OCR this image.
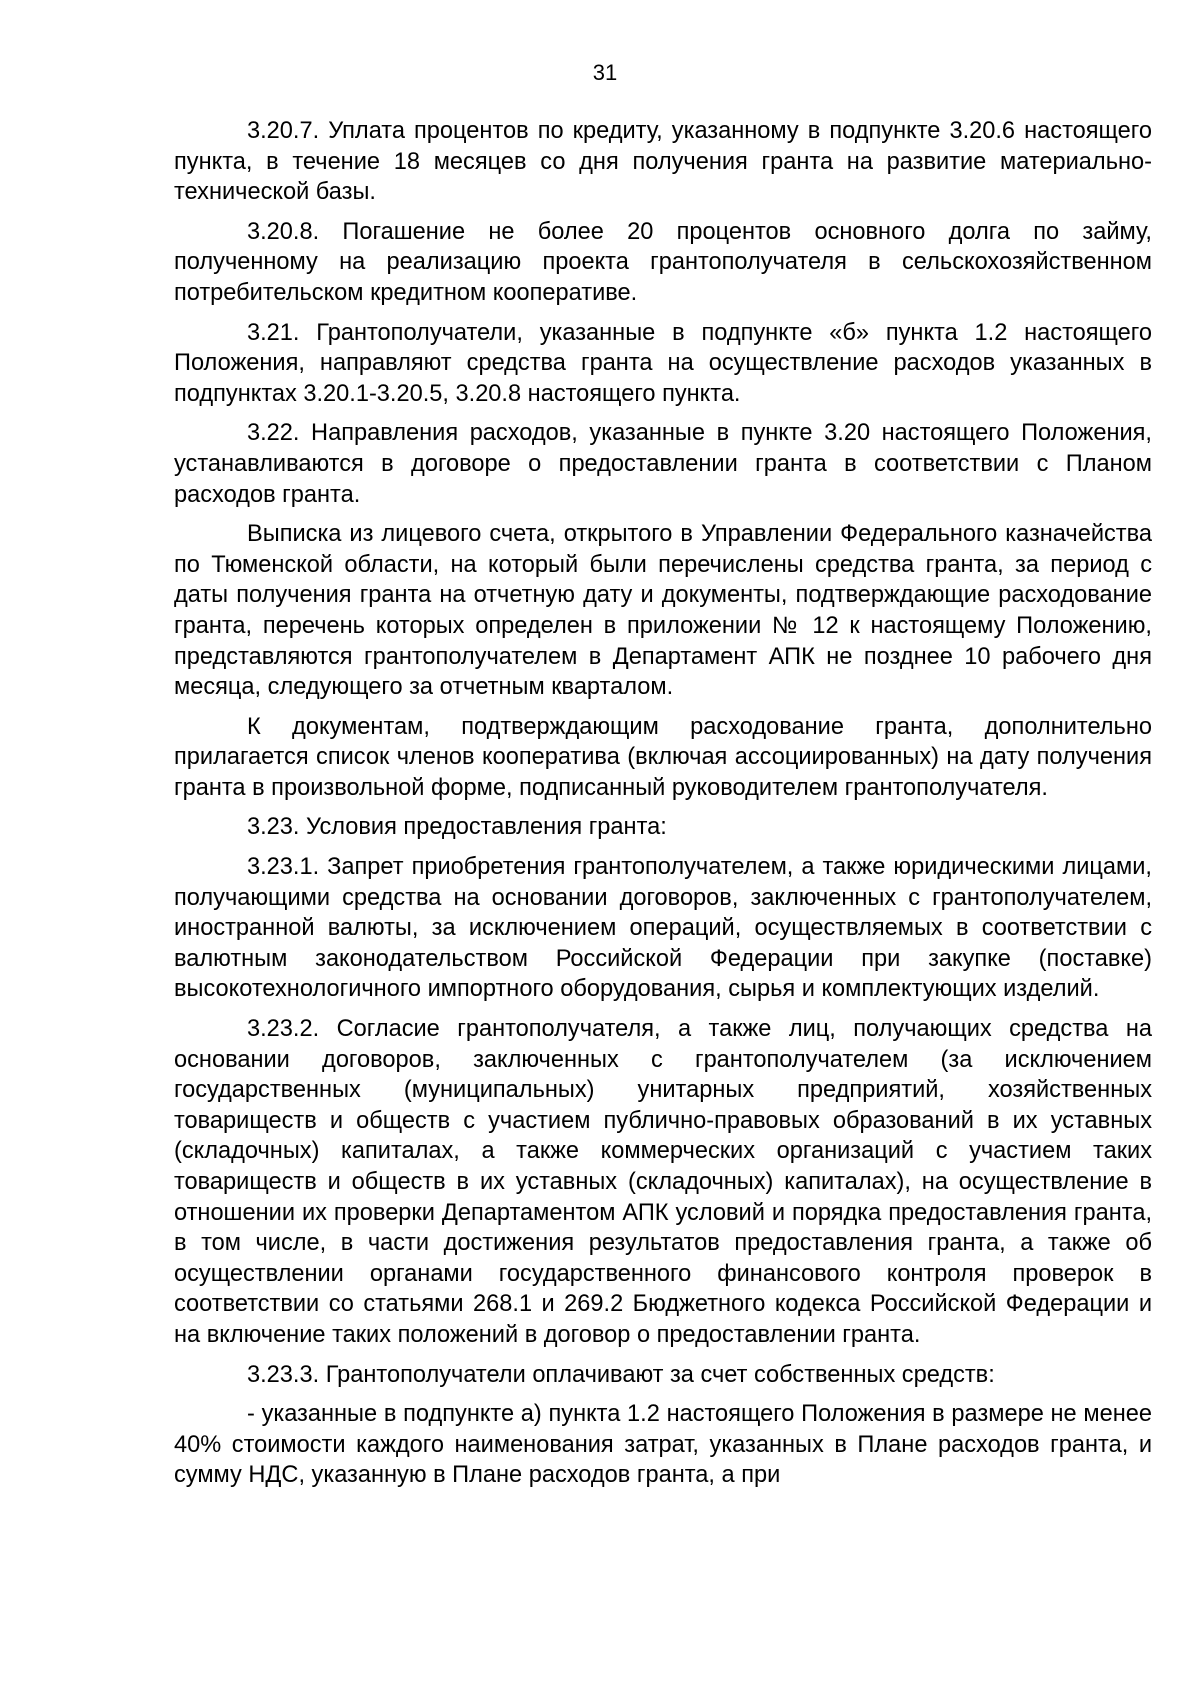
31

3.20.7. Уплата процентов по кредиту, указанному в подпункте 3.20.6 настоящего пункта, в течение 18 месяцев со дня получения гранта на развитие материально-технической базы.

3.20.8. Погашение не более 20 процентов основного долга по займу, полученному на реализацию проекта грантополучателя в сельскохозяйственном потребительском кредитном кооперативе.

3.21. Грантополучатели, указанные в подпункте «б» пункта 1.2 настоящего Положения, направляют средства гранта на осуществление расходов указанных в подпунктах 3.20.1-3.20.5, 3.20.8 настоящего пункта.

3.22. Направления расходов, указанные в пункте 3.20 настоящего Положения, устанавливаются в договоре о предоставлении гранта в соответствии с Планом расходов гранта.

Выписка из лицевого счета, открытого в Управлении Федерального казначейства по Тюменской области, на который были перечислены средства гранта, за период с даты получения гранта на отчетную дату и документы, подтверждающие расходование гранта, перечень которых определен в приложении № 12 к настоящему Положению, представляются грантополучателем в Департамент АПК не позднее 10 рабочего дня месяца, следующего за отчетным кварталом.

К документам, подтверждающим расходование гранта, дополнительно прилагается список членов кооператива (включая ассоциированных) на дату получения гранта в произвольной форме, подписанный руководителем грантополучателя.

3.23. Условия предоставления гранта:

3.23.1. Запрет приобретения грантополучателем, а также юридическими лицами, получающими средства на основании договоров, заключенных с грантополучателем, иностранной валюты, за исключением операций, осуществляемых в соответствии с валютным законодательством Российской Федерации при закупке (поставке) высокотехнологичного импортного оборудования, сырья и комплектующих изделий.

3.23.2. Согласие грантополучателя, а также лиц, получающих средства на основании договоров, заключенных с грантополучателем (за исключением государственных (муниципальных) унитарных предприятий, хозяйственных товариществ и обществ с участием публично-правовых образований в их уставных (складочных) капиталах, а также коммерческих организаций с участием таких товариществ и обществ в их уставных (складочных) капиталах), на осуществление в отношении их проверки Департаментом АПК условий и порядка предоставления гранта, в том числе, в части достижения результатов предоставления гранта, а также об осуществлении органами государственного финансового контроля проверок в соответствии со статьями 268.1 и 269.2 Бюджетного кодекса Российской Федерации и на включение таких положений в договор о предоставлении гранта.

3.23.3. Грантополучатели оплачивают за счет собственных средств:

- указанные в подпункте а) пункта 1.2 настоящего Положения в размере не менее 40% стоимости каждого наименования затрат, указанных в Плане расходов гранта, и сумму НДС, указанную в Плане расходов гранта, а при
